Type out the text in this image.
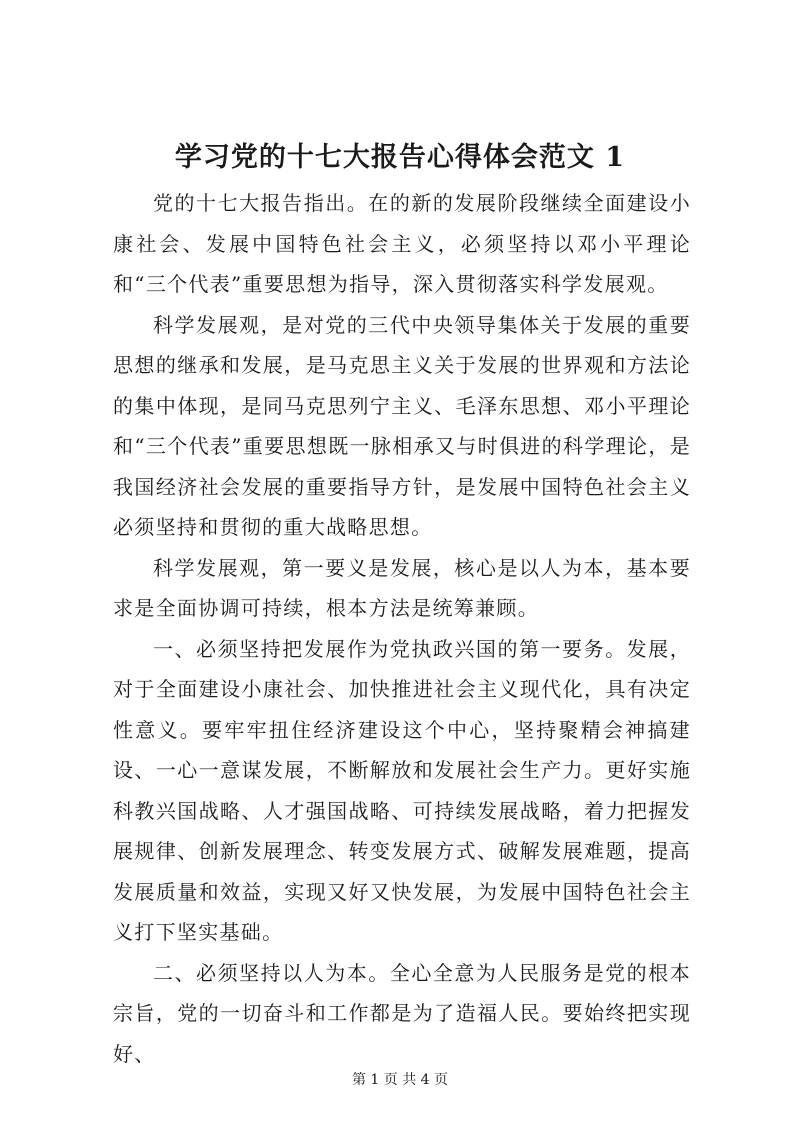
学习党的十七大报告心得体会范文 1

党的十七大报告指出。在的新的发展阶段继续全面建设小康社会、发展中国特色社会主义，必须坚持以邓小平理论和“三个代表”重要思想为指导，深入贯彻落实科学发展观。

科学发展观，是对党的三代中央领导集体关于发展的重要思想的继承和发展，是马克思主义关于发展的世界观和方法论的集中体现，是同马克思列宁主义、毛泽东思想、邓小平理论和“三个代表”重要思想既一脉相承又与时俱进的科学理论，是我国经济社会发展的重要指导方针，是发展中国特色社会主义必须坚持和贯彻的重大战略思想。

科学发展观，第一要义是发展，核心是以人为本，基本要求是全面协调可持续，根本方法是统筹兼顾。

一、必须坚持把发展作为党执政兴国的第一要务。发展，对于全面建设小康社会、加快推进社会主义现代化，具有决定性意义。要牢牢扭住经济建设这个中心，坚持聚精会神搞建设、一心一意谋发展，不断解放和发展社会生产力。更好实施科教兴国战略、人才强国战略、可持续发展战略，着力把握发展规律、创新发展理念、转变发展方式、破解发展难题，提高发展质量和效益，实现又好又快发展，为发展中国特色社会主义打下坚实基础。

二、必须坚持以人为本。全心全意为人民服务是党的根本宗旨，党的一切奋斗和工作都是为了造福人民。要始终把实现好、

第 1 页 共 4 页
